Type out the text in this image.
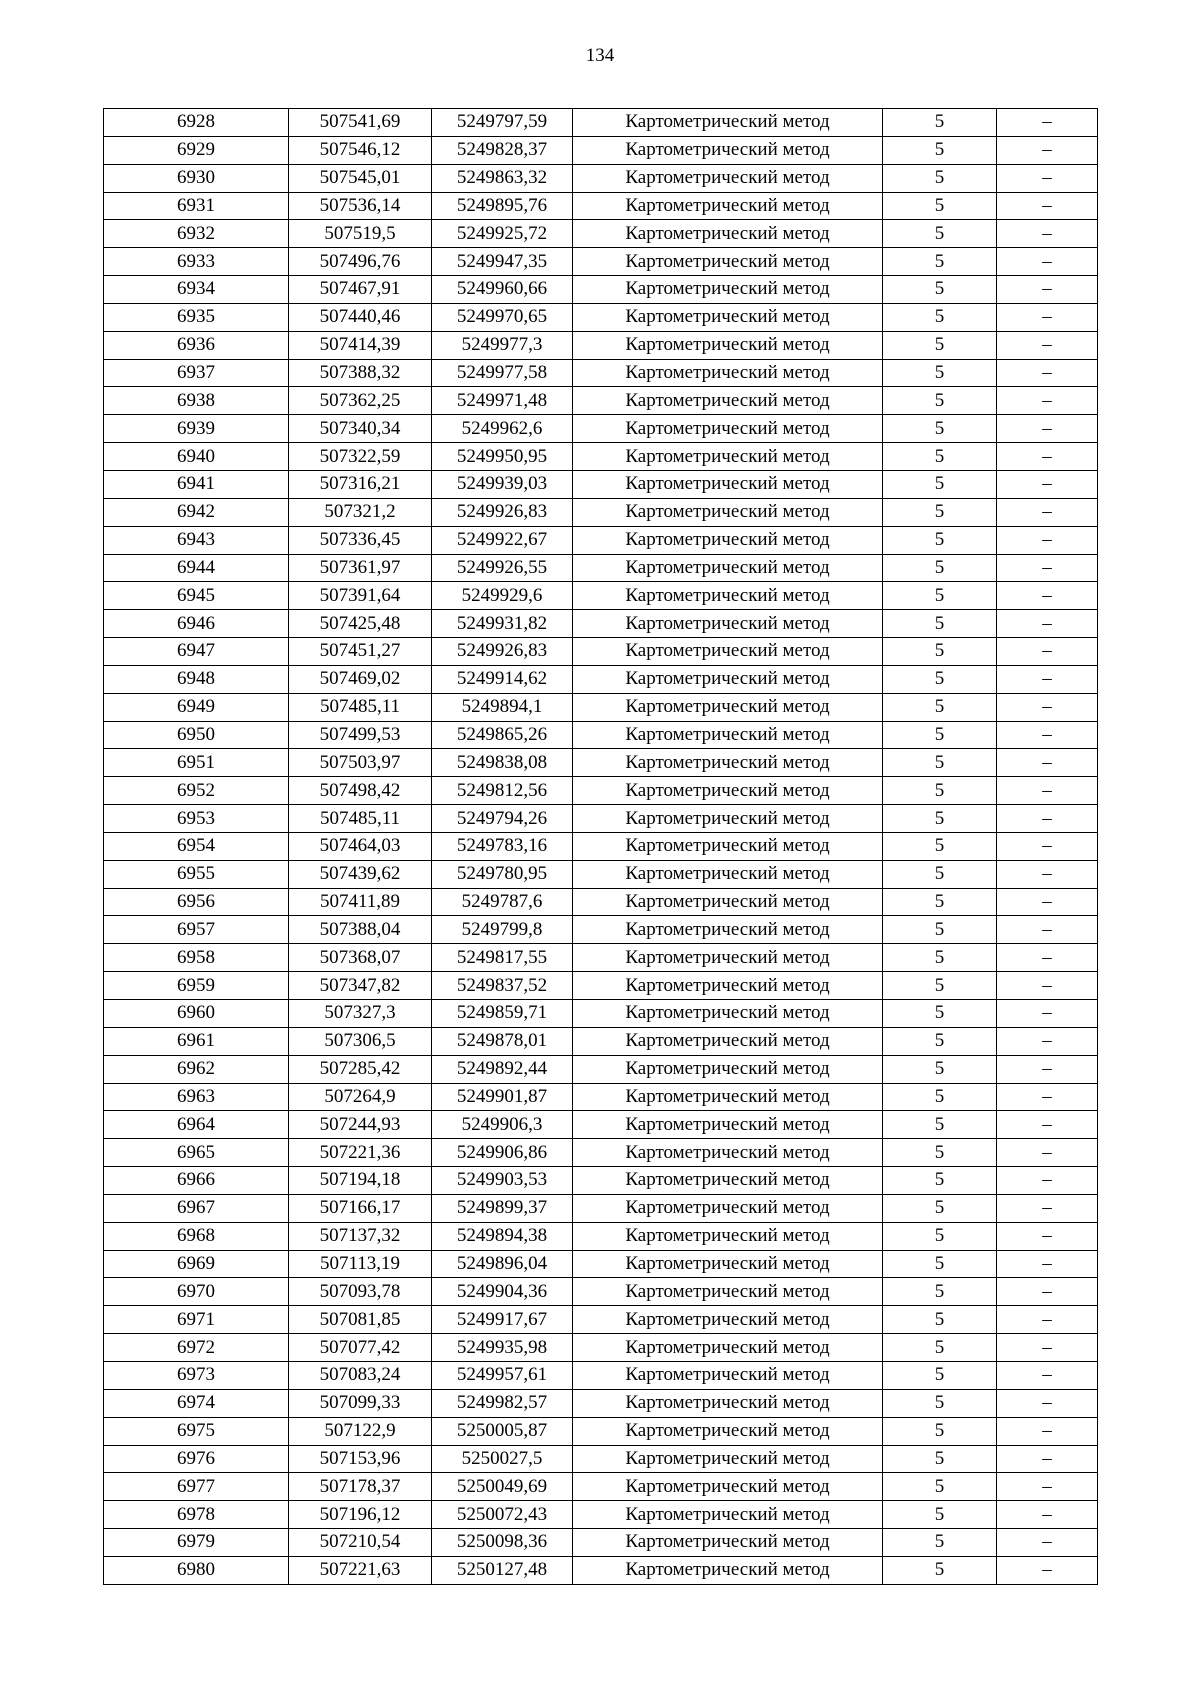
134
6928	507541,69	5249797,59	Картометрический метод	5	–
6929	507546,12	5249828,37	Картометрический метод	5	–
6930	507545,01	5249863,32	Картометрический метод	5	–
6931	507536,14	5249895,76	Картометрический метод	5	–
6932	507519,5	5249925,72	Картометрический метод	5	–
6933	507496,76	5249947,35	Картометрический метод	5	–
6934	507467,91	5249960,66	Картометрический метод	5	–
6935	507440,46	5249970,65	Картометрический метод	5	–
6936	507414,39	5249977,3	Картометрический метод	5	–
6937	507388,32	5249977,58	Картометрический метод	5	–
6938	507362,25	5249971,48	Картометрический метод	5	–
6939	507340,34	5249962,6	Картометрический метод	5	–
6940	507322,59	5249950,95	Картометрический метод	5	–
6941	507316,21	5249939,03	Картометрический метод	5	–
6942	507321,2	5249926,83	Картометрический метод	5	–
6943	507336,45	5249922,67	Картометрический метод	5	–
6944	507361,97	5249926,55	Картометрический метод	5	–
6945	507391,64	5249929,6	Картометрический метод	5	–
6946	507425,48	5249931,82	Картометрический метод	5	–
6947	507451,27	5249926,83	Картометрический метод	5	–
6948	507469,02	5249914,62	Картометрический метод	5	–
6949	507485,11	5249894,1	Картометрический метод	5	–
6950	507499,53	5249865,26	Картометрический метод	5	–
6951	507503,97	5249838,08	Картометрический метод	5	–
6952	507498,42	5249812,56	Картометрический метод	5	–
6953	507485,11	5249794,26	Картометрический метод	5	–
6954	507464,03	5249783,16	Картометрический метод	5	–
6955	507439,62	5249780,95	Картометрический метод	5	–
6956	507411,89	5249787,6	Картометрический метод	5	–
6957	507388,04	5249799,8	Картометрический метод	5	–
6958	507368,07	5249817,55	Картометрический метод	5	–
6959	507347,82	5249837,52	Картометрический метод	5	–
6960	507327,3	5249859,71	Картометрический метод	5	–
6961	507306,5	5249878,01	Картометрический метод	5	–
6962	507285,42	5249892,44	Картометрический метод	5	–
6963	507264,9	5249901,87	Картометрический метод	5	–
6964	507244,93	5249906,3	Картометрический метод	5	–
6965	507221,36	5249906,86	Картометрический метод	5	–
6966	507194,18	5249903,53	Картометрический метод	5	–
6967	507166,17	5249899,37	Картометрический метод	5	–
6968	507137,32	5249894,38	Картометрический метод	5	–
6969	507113,19	5249896,04	Картометрический метод	5	–
6970	507093,78	5249904,36	Картометрический метод	5	–
6971	507081,85	5249917,67	Картометрический метод	5	–
6972	507077,42	5249935,98	Картометрический метод	5	–
6973	507083,24	5249957,61	Картометрический метод	5	–
6974	507099,33	5249982,57	Картометрический метод	5	–
6975	507122,9	5250005,87	Картометрический метод	5	–
6976	507153,96	5250027,5	Картометрический метод	5	–
6977	507178,37	5250049,69	Картометрический метод	5	–
6978	507196,12	5250072,43	Картометрический метод	5	–
6979	507210,54	5250098,36	Картометрический метод	5	–
6980	507221,63	5250127,48	Картометрический метод	5	–
